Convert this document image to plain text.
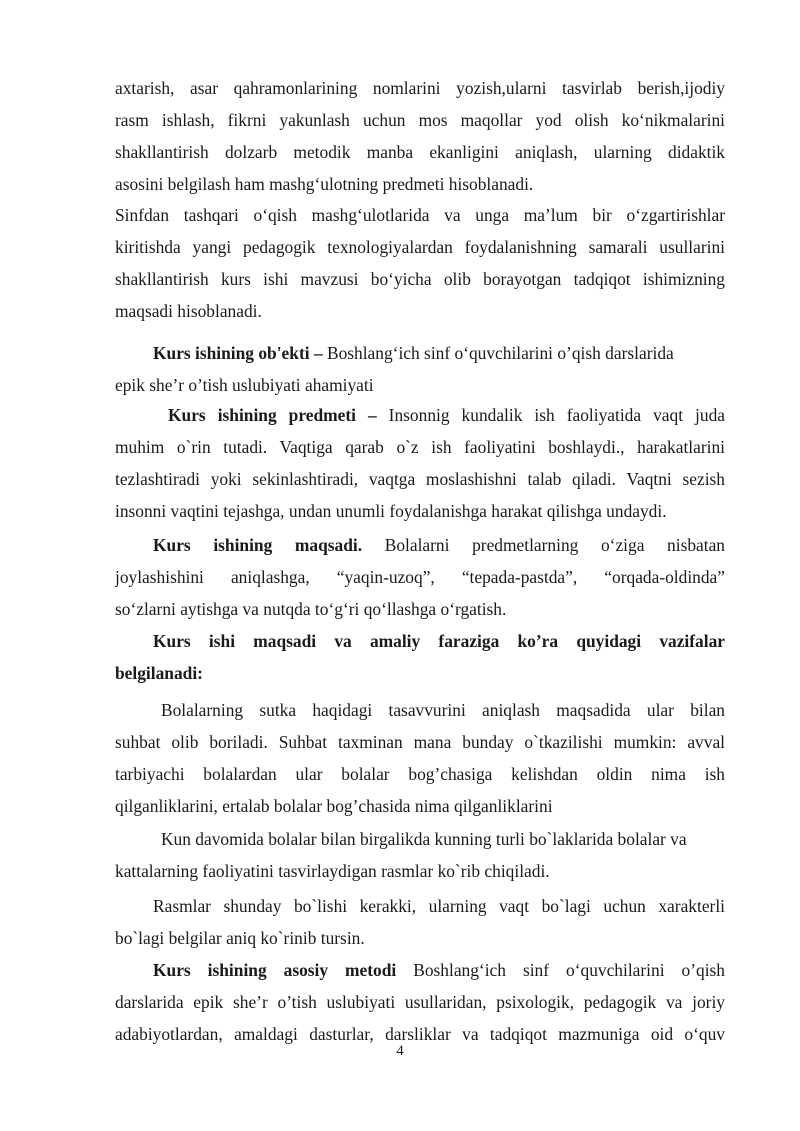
axtarish, asar qahramonlarining nomlarini yozish,ularni tasvirlab berish,ijodiy
rasm ishlash, fikrni yakunlash uchun mos maqollar yod olish ko‘nikmalarini
shakllantirish dolzarb metodik manba ekanligini aniqlash, ularning didaktik
asosini belgilash ham mashg‘ulotning predmeti hisoblanadi.
Sinfdan tashqari o‘qish mashg‘ulotlarida va unga ma’lum bir o‘zgartirishlar
kiritishda yangi pedagogik texnologiyalardan foydalanishning samarali usullarini
shakllantirish kurs ishi mavzusi bo‘yicha olib borayotgan tadqiqot ishimizning
maqsadi hisoblanadi.
Kurs ishining ob'ekti – Boshlang‘ich sinf o‘quvchilarini o’qish darslarida
epik she’r o’tish uslubiyati ahamiyati
Kurs ishining predmeti – Insonnig kundalik ish faoliyatida vaqt juda
muhim o`rin tutadi. Vaqtiga qarab o`z ish faoliyatini boshlaydi., harakatlarini
tezlashtiradi yoki sekinlashtiradi, vaqtga moslashishni talab qiladi. Vaqtni sezish
insonni vaqtini tejashga, undan unumli foydalanishga harakat qilishga undaydi.
Kurs ishining maqsadi. Bolalarni predmetlarning o‘ziga nisbatan
joylashishini aniqlashga, “yaqin-uzoq”, “tepada-pastda”, “orqada-oldinda”
so‘zlarni aytishga va nutqda to‘g‘ri qo‘llashga o‘rgatish.
Kurs ishi maqsadi va amaliy faraziga ko’ra quyidagi vazifalar
belgilanadi:
Bolalarning sutka haqidagi tasavvurini aniqlash maqsadida ular bilan
suhbat olib boriladi. Suhbat taxminan mana bunday o`tkazilishi mumkin: avval
tarbiyachi bolalardan ular bolalar bog’chasiga kelishdan oldin nima ish
qilganliklarini, ertalab bolalar bog’chasida nima qilganliklarini
Kun davomida bolalar bilan birgalikda kunning turli bo`laklarida bolalar va
kattalarning faoliyatini tasvirlaydigan rasmlar ko`rib chiqiladi.
Rasmlar shunday bo`lishi kerakki, ularning vaqt bo`lagi uchun xarakterli
bo`lagi belgilar aniq ko`rinib tursin.
Kurs ishining asosiy metodi Boshlang‘ich sinf o‘quvchilarini o’qish
darslarida epik she’r o’tish uslubiyati usullaridan, psixologik, pedagogik va joriy
adabiyotlardan, amaldagi dasturlar, darsliklar va tadqiqot mazmuniga oid o‘quv
4
